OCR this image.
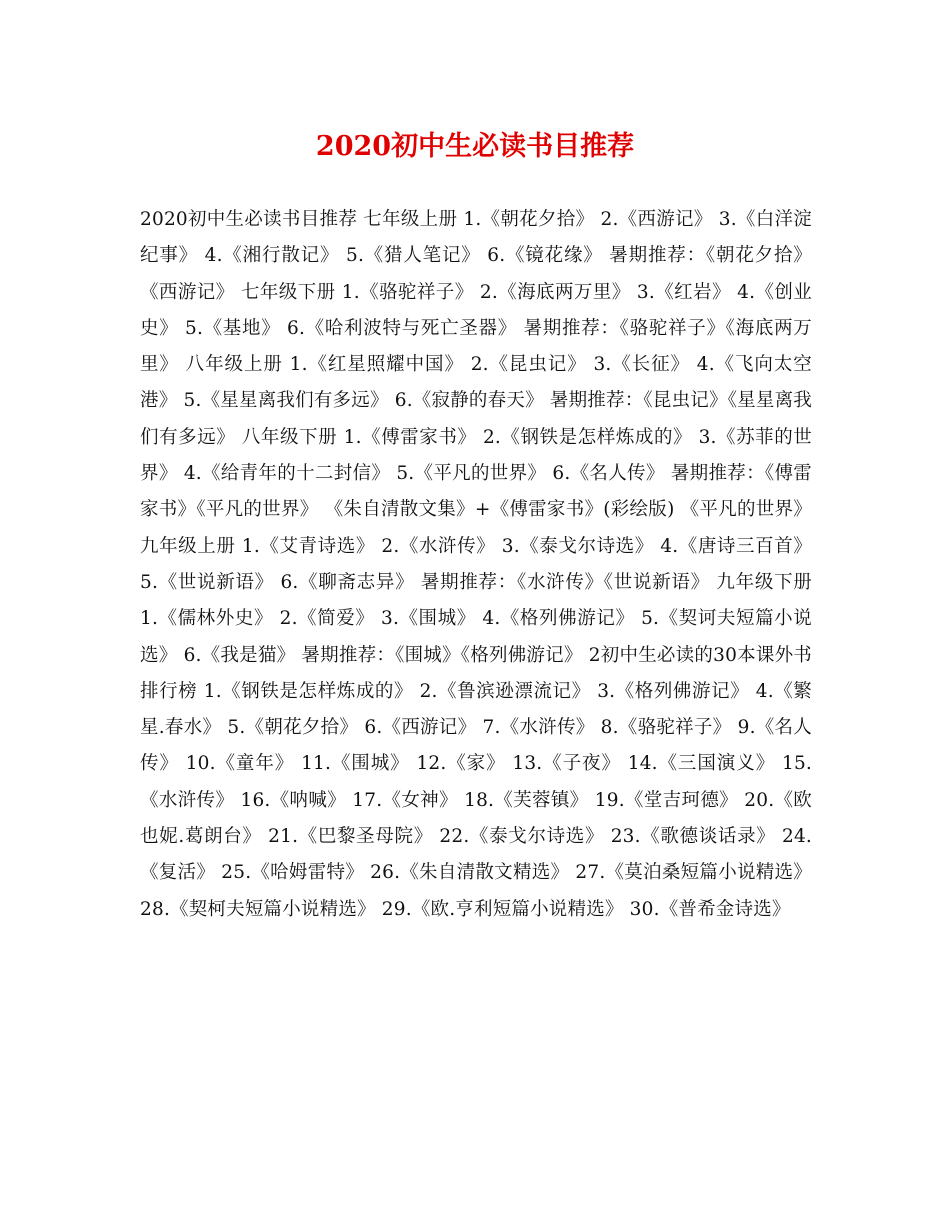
2020初中生必读书目推荐

2020初中生必读书目推荐 七年级上册 1.《朝花夕拾》 2.《西游记》 3.《白洋淀纪事》 4.《湘行散记》 5.《猎人笔记》 6.《镜花缘》 暑期推荐：《朝花夕拾》《西游记》 七年级下册 1.《骆驼祥子》 2.《海底两万里》 3.《红岩》 4.《创业史》 5.《基地》 6.《哈利波特与死亡圣器》 暑期推荐：《骆驼祥子》《海底两万里》 八年级上册 1.《红星照耀中国》 2.《昆虫记》 3.《长征》 4.《飞向太空港》 5.《星星离我们有多远》 6.《寂静的春天》 暑期推荐：《昆虫记》《星星离我们有多远》 八年级下册 1.《傅雷家书》 2.《钢铁是怎样炼成的》 3.《苏菲的世界》 4.《给青年的十二封信》 5.《平凡的世界》 6.《名人传》 暑期推荐：《傅雷家书》《平凡的世界》 《朱自清散文集》+《傅雷家书》(彩绘版) 《平凡的世界》 九年级上册 1.《艾青诗选》 2.《水浒传》 3.《泰戈尔诗选》 4.《唐诗三百首》 5.《世说新语》 6.《聊斋志异》 暑期推荐：《水浒传》《世说新语》 九年级下册 1.《儒林外史》 2.《简爱》 3.《围城》 4.《格列佛游记》 5.《契诃夫短篇小说选》 6.《我是猫》 暑期推荐：《围城》《格列佛游记》 2初中生必读的30本课外书排行榜 1.《钢铁是怎样炼成的》 2.《鲁滨逊漂流记》 3.《格列佛游记》 4.《繁星.春水》 5.《朝花夕拾》 6.《西游记》 7.《水浒传》 8.《骆驼祥子》 9.《名人传》 10.《童年》 11.《围城》 12.《家》 13.《子夜》 14.《三国演义》 15.《水浒传》 16.《呐喊》 17.《女神》 18.《芙蓉镇》 19.《堂吉珂德》 20.《欧也妮.葛朗台》 21.《巴黎圣母院》 22.《泰戈尔诗选》 23.《歌德谈话录》 24.《复活》 25.《哈姆雷特》 26.《朱自清散文精选》 27.《莫泊桑短篇小说精选》 28.《契柯夫短篇小说精选》 29.《欧.亨利短篇小说精选》 30.《普希金诗选》
